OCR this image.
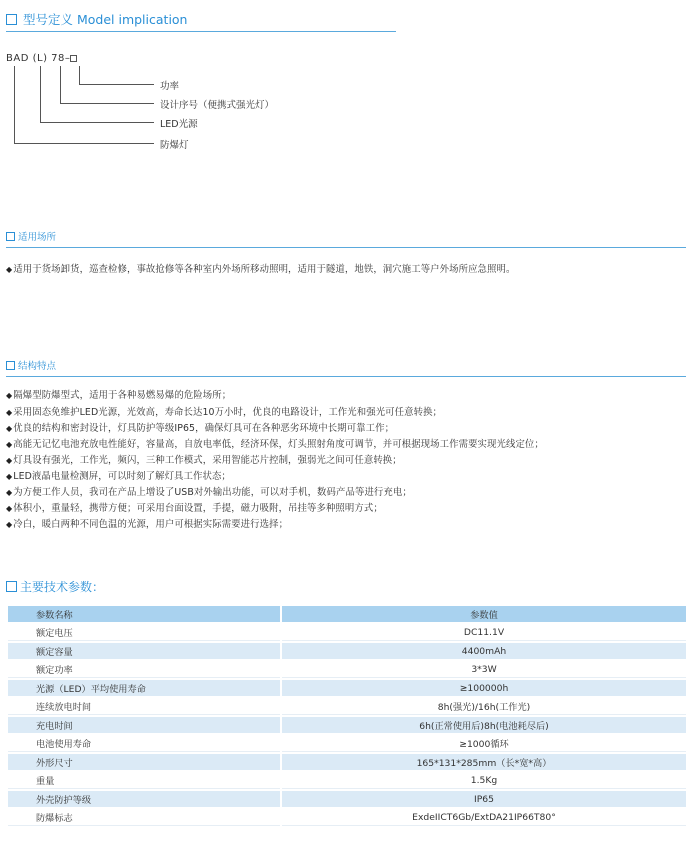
型号定义 Model implication
BAD (L) 78–
功率
设计序号（便携式强光灯）
LED光源
防爆灯
适用场所
◆适用于货场卸货，巡查检修，事故抢修等各种室内外场所移动照明，适用于隧道，地铁，洞穴施工等户外场所应急照明。
结构特点
◆隔爆型防爆型式，适用于各种易燃易爆的危险场所；
◆采用固态免维护LED光源，光效高，寿命长达10万小时，优良的电路设计，工作光和强光可任意转换；
◆优良的结构和密封设计，灯具防护等级IP65，确保灯具可在各种恶劣环境中长期可靠工作；
◆高能无记忆电池充放电性能好，容量高，自放电率低，经济环保，灯头照射角度可调节，并可根据现场工作需要实现光线定位；
◆灯具设有强光，工作光，频闪，三种工作模式，采用智能芯片控制，强弱光之间可任意转换；
◆LED液晶电量检测屏，可以时刻了解灯具工作状态；
◆为方便工作人员，我司在产品上增设了USB对外输出功能，可以对手机，数码产品等进行充电；
◆体积小，重量轻，携带方便；可采用台面设置，手提，磁力吸附，吊挂等多种照明方式；
◆冷白，暖白两种不同色温的光源，用户可根据实际需要进行选择；
主要技术参数：
参数名称		参数值
额定电压		DC11.1V
额定容量		4400mAh
额定功率		3*3W
光源（LED）平均使用寿命		≥100000h
连续放电时间		8h(强光)/16h(工作光)
充电时间		6h(正常使用后)8h(电池耗尽后)
电池使用寿命		≥1000循环
外形尺寸		165*131*285mm（长*宽*高）
重量		1.5Kg
外壳防护等级		IP65
防爆标志		ExdeIICT6Gb/ExtDA21IP66T80°
